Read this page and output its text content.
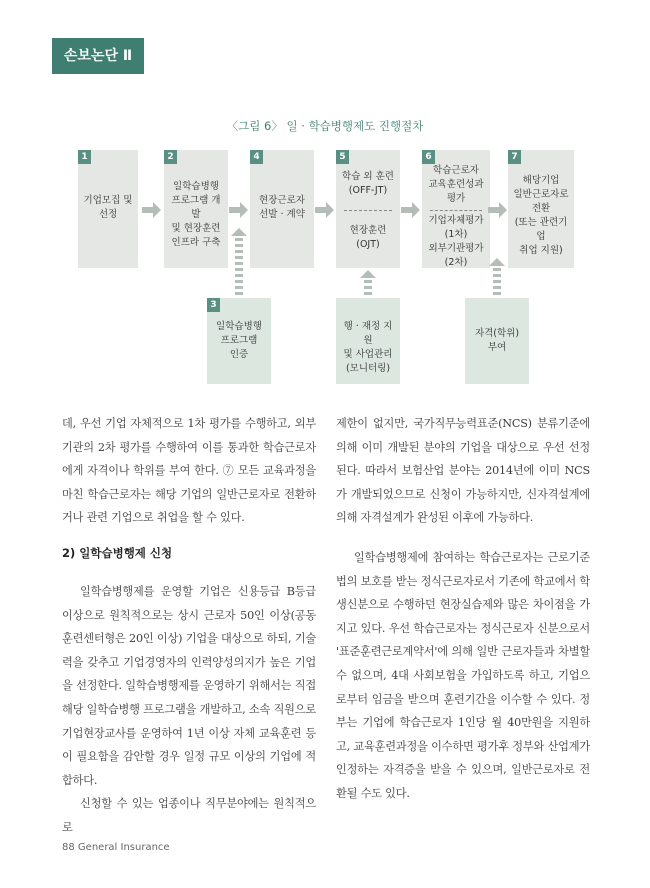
손보논단 Ⅱ
〈그림 6〉 일 · 학습병행제도 진행절차
1
기업모집 및
선정
2
일학습병행
프로그램 개발
및 현장훈련
인프라 구축
4
현장근로자
선발 · 계약
5
학습 외 훈련
(OFF-JT)
현장훈련
(OJT)
6
학습근로자
교육훈련성과
평가
기업자체평가
(1차)
외부기관평가
(2차)
7
해당기업
일반근로자로
전환
(또는 관련기업
취업 지원)
3
일학습병행
프로그램
인증
행 · 재정 지원
및 사업관리
(모니터링)
자격(학위)
부여

데, 우선 기업 자체적으로 1차 평가를 수행하고, 외부 기관의 2차 평가를 수행하여 이를 통과한 학습근로자에게 자격이나 학위를 부여 한다. ⑦ 모든 교육과정을 마친 학습근로자는 해당 기업의 일반근로자로 전환하거나 관련 기업으로 취업을 할 수 있다.

2) 일학습병행제 신청

일학습병행제를 운영할 기업은 신용등급 B등급 이상으로 원칙적으로는 상시 근로자 50인 이상(공동훈련센터형은 20인 이상) 기업을 대상으로 하되, 기술력을 갖추고 기업경영자의 인력양성의지가 높은 기업을 선정한다. 일학습병행제를 운영하기 위해서는 직접 해당 일학습병행 프로그램을 개발하고, 소속 직원으로 기업현장교사를 운영하여 1년 이상 자체 교육훈련 등이 필요함을 감안할 경우 일정 규모 이상의 기업에 적합하다.

신청할 수 있는 업종이나 직무분야에는 원칙적으로

제한이 없지만, 국가직무능력표준(NCS) 분류기준에 의해 이미 개발된 분야의 기업을 대상으로 우선 선정된다. 따라서 보험산업 분야는 2014년에 이미 NCS가 개발되었으므로 신청이 가능하지만, 신자격설계에 의해 자격설계가 완성된 이후에 가능하다.

일학습병행제에 참여하는 학습근로자는 근로기준법의 보호를 받는 정식근로자로서 기존에 학교에서 학생신분으로 수행하던 현장실습제와 많은 차이점을 가지고 있다. 우선 학습근로자는 정식근로자 신분으로서 '표준훈련근로계약서'에 의해 일반 근로자들과 차별할 수 없으며, 4대 사회보험을 가입하도록 하고, 기업으로부터 임금을 받으며 훈련기간을 이수할 수 있다. 정부는 기업에 학습근로자 1인당 월 40만원을 지원하고, 교육훈련과정을 이수하면 평가후 정부와 산업계가 인정하는 자격증을 받을 수 있으며, 일반근로자로 전환될 수도 있다.

88 General Insurance
